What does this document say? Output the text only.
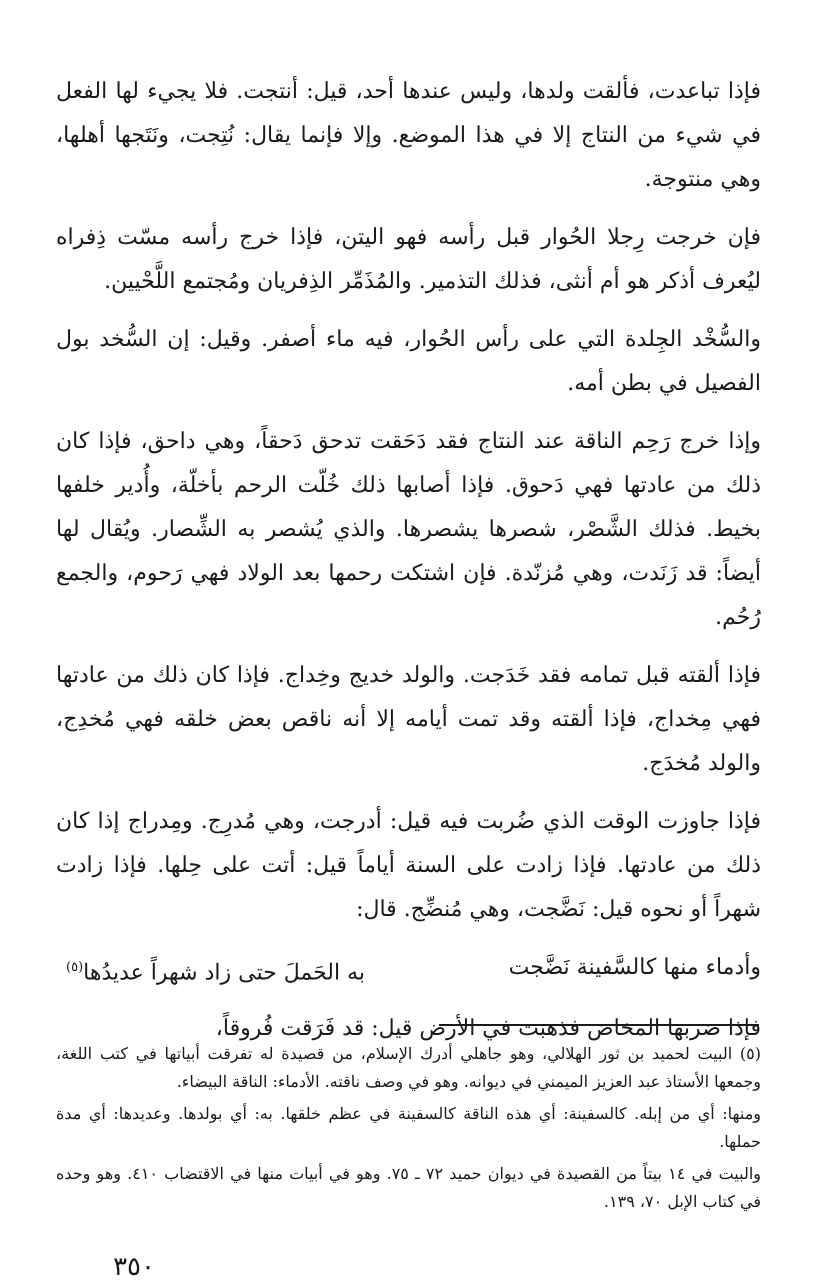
فإذا تباعدت، فألقت ولدها، وليس عندها أحد، قيل: أنتجت. فلا يجيء لها الفعل في شيء من النتاج إلا في هذا الموضع. وإلا فإنما يقال: نُتِجت، ونَتَجها أهلها، وهي منتوجة.

فإن خرجت رِجلا الحُوار قبل رأسه فهو اليتن، فإذا خرج رأسه مسّت ذِفراه ليُعرف أذكر هو أم أنثى، فذلك التذمير. والمُذَمِّر الذِفريان ومُجتمع اللَّحْيين.

والسُّخْد الجِلدة التي على رأس الحُوار، فيه ماء أصفر. وقيل: إن السُّخد بول الفصيل في بطن أمه.

وإذا خرج رَحِم الناقة عند النتاج فقد دَحَقت تدحق دَحقاً، وهي داحق، فإذا كان ذلك من عادتها فهي دَحوق. فإذا أصابها ذلك خُلّت الرحم بأخلّة، وأُدير خلفها بخيط. فذلك الشَّصْر، شصرها يشصرها. والذي يُشصر به الشِّصار. ويُقال لها أيضاً: قد زَنَدت، وهي مُزنّدة. فإن اشتكت رحمها بعد الولاد فهي رَحوم، والجمع رُحُم.

فإذا ألقته قبل تمامه فقد خَدَجت. والولد خديج وخِداج. فإذا كان ذلك من عادتها فهي مِخداج، فإذا ألقته وقد تمت أيامه إلا أنه ناقص بعض خلقه فهي مُخدِج، والولد مُخدَج.

فإذا جاوزت الوقت الذي ضُربت فيه قيل: أدرجت، وهي مُدرِج. ومِدراج إذا كان ذلك من عادتها. فإذا زادت على السنة أياماً قيل: أتت على حِلها. فإذا زادت شهراً أو نحوه قيل: نَضَّجت، وهي مُنضِّج. قال:

وأدماء منها كالسَّفينة نَضَّجت
به الحَملَ حتى زاد شهراً عديدُها$^{(٥)}$

فإذا ضربها المخاض فذهبت في الأرض قيل: قد فَرَقت فُروقاً،

(٥) البيت لحميد بن ثور الهلالي، وهو جاهلي أدرك الإسلام، من قصيدة له تفرقت أبياتها في كتب اللغة، وجمعها الأستاذ عبد العزيز الميمني في ديوانه. وهو في وصف ناقته. الأدماء: الناقة البيضاء.

ومنها: أي من إبله. كالسفينة: أي هذه الناقة كالسفينة في عظم خلقها. به: أي بولدها. وعديدها: أي مدة حملها.

والبيت في ١٤ بيتاً من القصيدة في ديوان حميد ٧٢ ـ ٧٥. وهو في أبيات منها في الاقتضاب ٤١٠. وهو وحده في كتاب الإبل ٧٠، ١٣٩.

٣٥٠
